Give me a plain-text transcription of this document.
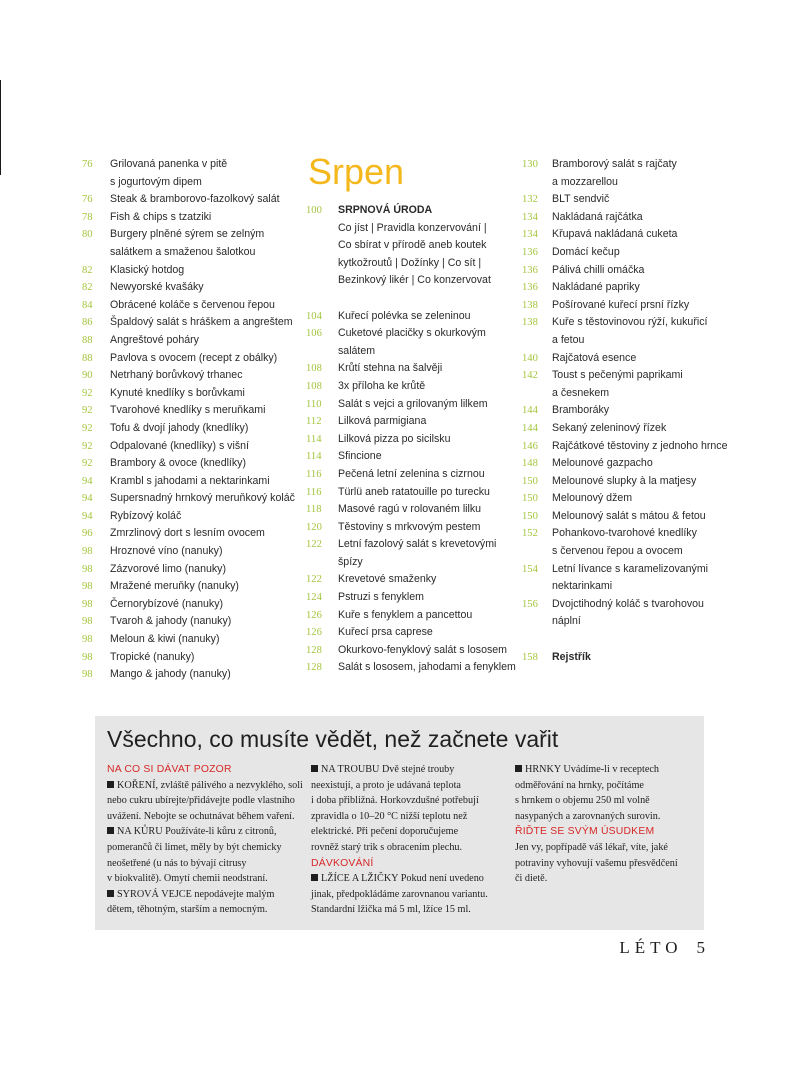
76	Grilovaná panenka v pitě
s jogurtovým dipem
76	Steak & bramborovo-fazolkový salát
78	Fish & chips s tzatziki
80	Burgery plněné sýrem se zelným
salátkem a smaženou šalotkou
82	Klasický hotdog
82	Newyorské kvašáky
84	Obrácené koláče s červenou řepou
86	Špaldový salát s hráškem a angreštem
88	Angreštové poháry
88	Pavlova s ovocem (recept z obálky)
90	Netrhaný borůvkový trhanec
92	Kynuté knedlíky s borůvkami
92	Tvarohové knedlíky s meruňkami
92	Tofu & dvojí jahody (knedlíky)
92	Odpalované (knedlíky) s višní
92	Brambory & ovoce (knedlíky)
94	Krambl s jahodami a nektarinkami
94	Supersnadný hrnkový meruňkový koláč
94	Rybízový koláč
96	Zmrzlinový dort s lesním ovocem
98	Hroznové víno (nanuky)
98	Zázvorové limo (nanuky)
98	Mražené meruňky (nanuky)
98	Černorybízové (nanuky)
98	Tvaroh & jahody (nanuky)
98	Meloun & kiwi (nanuky)
98	Tropické (nanuky)
98	Mango & jahody (nanuky)
Srpen
100	SRPNOVÁ ÚRODA
Co jíst | Pravidla konzervování |
Co sbírat v přírodě aneb koutek
kytkožroutů | Dožínky | Co sít |
Bezinkový likér | Co konzervovat
104	Kuřecí polévka se zeleninou
106	Cuketové placičky s okurkovým
salátem
108	Krůtí stehna na šalvěji
108	3x příloha ke krůtě
110	Salát s vejci a grilovaným lilkem
112	Lilková parmigiana
114	Lilková pizza po sicilsku
114	Sfincione
116	Pečená letní zelenina s cizrnou
116	Türlü aneb ratatouille po turecku
118	Masové ragú v rolovaném lilku
120	Těstoviny s mrkvovým pestem
122	Letní fazolový salát s krevetovými
špízy
122	Krevetové smaženky
124	Pstruzi s fenyklem
126	Kuře s fenyklem a pancettou
126	Kuřecí prsa caprese
128	Okurkovo-fenyklový salát s lososem
128	Salát s lososem, jahodami a fenyklem
130	Bramborový salát s rajčaty
a mozzarellou
132	BLT sendvič
134	Nakládaná rajčátka
134	Křupavá nakládaná cuketa
136	Domácí kečup
136	Pálivá chilli omáčka
136	Nakládané papriky
138	Pošírované kuřecí prsní řízky
138	Kuře s těstovinovou rýží, kukuřicí
a fetou
140	Rajčatová esence
142	Toust s pečenými paprikami
a česnekem
144	Bramboráky
144	Sekaný zeleninový řízek
146	Rajčátkové těstoviny z jednoho hrnce
148	Melounové gazpacho
150	Melounové slupky à la matjesy
150	Melounový džem
150	Melounový salát s mátou & fetou
152	Pohankovo-tvarohové knedlíky
s červenou řepou a ovocem
154	Letní lívance s karamelizovanými
nektarinkami
156	Dvojctihodný koláč s tvarohovou
náplní
158	Rejstřík
Všechno, co musíte vědět, než začnete vařit
NA CO SI DÁVAT POZOR
KOŘENÍ, zvláště pálivého a nezvyklého, soli
nebo cukru ubírejte/přidávejte podle vlastního
uvážení. Nebojte se ochutnávat během vaření.
NA KŮRU Používáte-li kůru z citronů,
pomerančů či limet, měly by být chemicky
neošetřené (u nás to bývají citrusy
v biokvalitě). Omytí chemii neodstraní.
SYROVÁ VEJCE nepodávejte malým
dětem, těhotným, starším a nemocným.
NA TROUBU Dvě stejné trouby
neexistují, a proto je udávaná teplota
i doba přibližná. Horkovzdušné potřebují
zpravidla o 10–20 °C nižší teplotu než
elektrické. Při pečení doporučujeme
rovněž starý trik s obracením plechu.
DÁVKOVÁNÍ
LŽÍCE A LŽIČKY Pokud není uvedeno
jinak, předpokládáme zarovnanou variantu.
Standardní lžička má 5 ml, lžíce 15 ml.
HRNKY Uvádíme-li v receptech
odměřování na hrnky, počítáme
s hrnkem o objemu 250 ml volně
nasypaných a zarovnaných surovin.
ŘIĎTE SE SVÝM ÚSUDKEM
Jen vy, popřípadě váš lékař, víte, jaké
potraviny vyhovují vašemu přesvědčení
či dietě.
LÉTO 5
